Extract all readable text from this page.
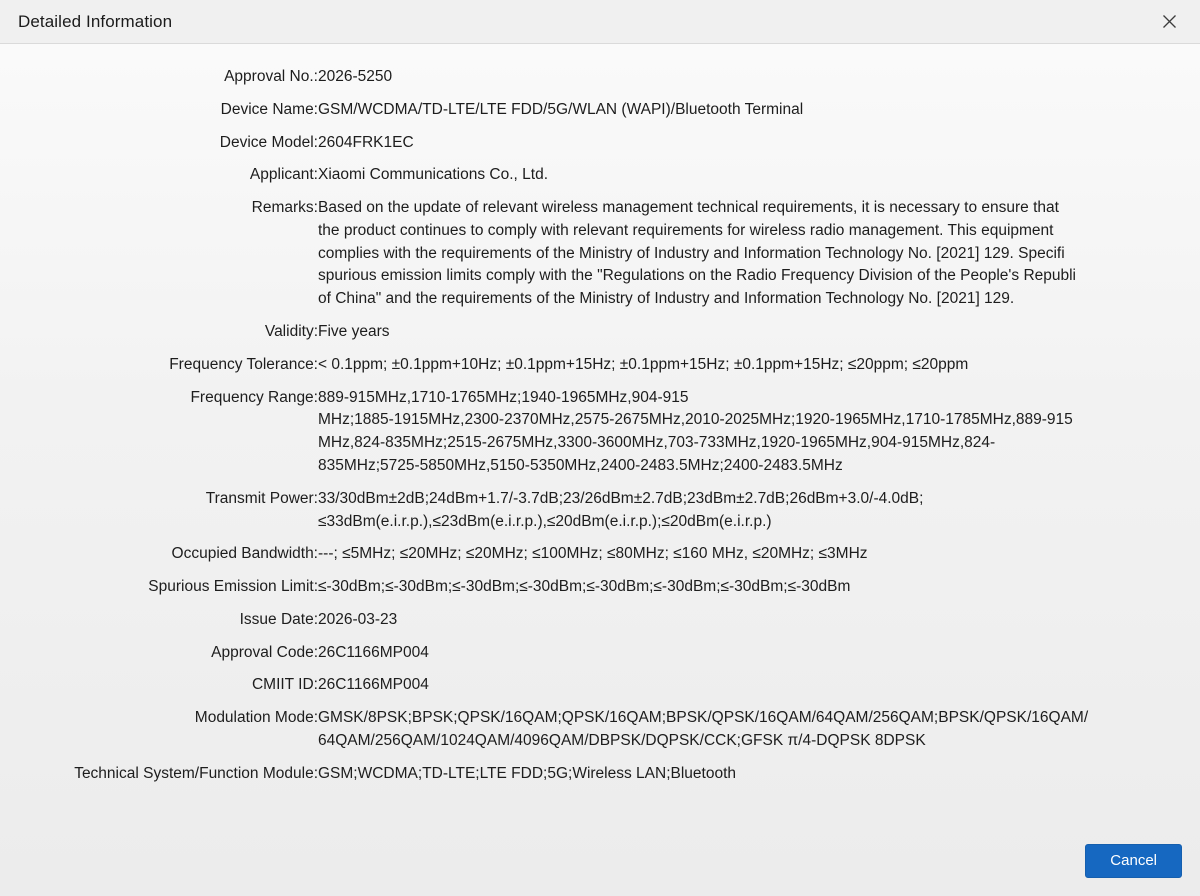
Detailed Information
Approval No.:	2026-5250

Device Name:	GSM/WCDMA/TD-LTE/LTE FDD/5G/WLAN (WAPI)/Bluetooth Terminal

Device Model:	2604FRK1EC

Applicant:	Xiaomi Communications Co., Ltd.

Remarks:	Based on the update of relevant wireless management technical requirements, it is necessary to ensure that
the product continues to comply with relevant requirements for wireless radio management. This equipment
complies with the requirements of the Ministry of Industry and Information Technology No. [2021] 129. Specifi
spurious emission limits comply with the "Regulations on the Radio Frequency Division of the People's Republi
of China" and the requirements of the Ministry of Industry and Information Technology No. [2021] 129.

Validity:	Five years

Frequency Tolerance:	< 0.1ppm; ±0.1ppm+10Hz; ±0.1ppm+15Hz; ±0.1ppm+15Hz; ±0.1ppm+15Hz; ≤20ppm; ≤20ppm

Frequency Range:	889-915MHz,1710-1765MHz;1940-1965MHz,904-915
MHz;1885-1915MHz,2300-2370MHz,2575-2675MHz,2010-2025MHz;1920-1965MHz,1710-1785MHz,889-915
MHz,824-835MHz;2515-2675MHz,3300-3600MHz,703-733MHz,1920-1965MHz,904-915MHz,824-
835MHz;5725-5850MHz,5150-5350MHz,2400-2483.5MHz;2400-2483.5MHz

Transmit Power:	33/30dBm±2dB;24dBm+1.7/-3.7dB;23/26dBm±2.7dB;23dBm±2.7dB;26dBm+3.0/-4.0dB;
≤33dBm(e.i.r.p.),≤23dBm(e.i.r.p.),≤20dBm(e.i.r.p.);≤20dBm(e.i.r.p.)

Occupied Bandwidth:	---; ≤5MHz; ≤20MHz; ≤20MHz; ≤100MHz; ≤80MHz; ≤160 MHz, ≤20MHz; ≤3MHz

Spurious Emission Limit:	≤-30dBm;≤-30dBm;≤-30dBm;≤-30dBm;≤-30dBm;≤-30dBm;≤-30dBm;≤-30dBm

Issue Date:	2026-03-23

Approval Code:	26C1166MP004

CMIIT ID:	26C1166MP004

Modulation Mode:	GMSK/8PSK;BPSK;QPSK/16QAM;QPSK/16QAM;BPSK/QPSK/16QAM/64QAM/256QAM;BPSK/QPSK/16QAM/
64QAM/256QAM/1024QAM/4096QAM/DBPSK/DQPSK/CCK;GFSK π/4-DQPSK 8DPSK

Technical System/Function Module:	GSM;WCDMA;TD-LTE;LTE FDD;5G;Wireless LAN;Bluetooth
Cancel
